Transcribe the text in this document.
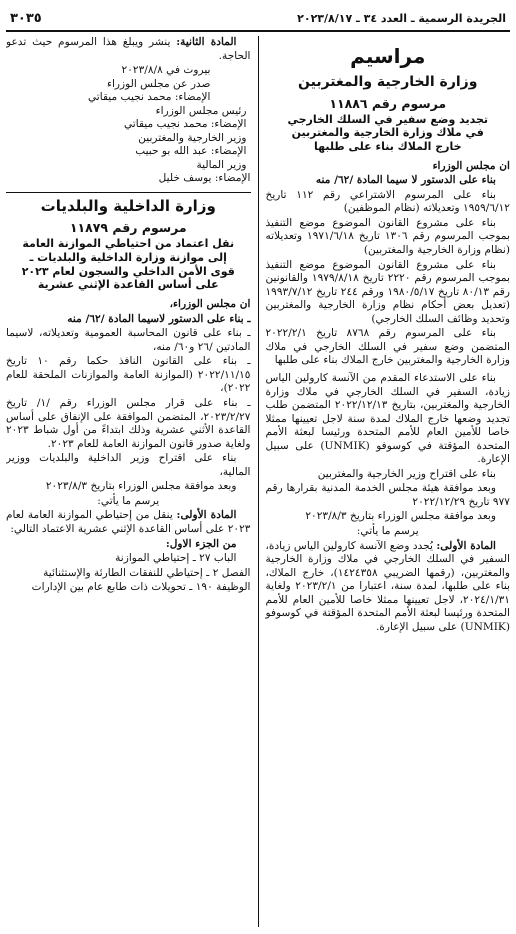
الجريدة الرسمية ـ العدد ٣٤ ـ ٢٠٢٣/٨/١٧
٣٠٣٥
مراسيم
وزارة الخارجية والمغتربين
مرسوم رقم ١١٨٨٦

تجديد وضع سفير في السلك الخارجي

في ملاك وزارة الخارجية والمغتربين

خارج الملاك بناء على طلبها

ان مجلس الوزراء

بناء على الدستور لا سيما المادة /٦٢/ منه

بناء على المرسوم الاشتراعي رقم ١١٢ تاريخ ١٩٥٩/٦/١٢ وتعديلاته (نظام الموظفين)

بناء على مشروع القانون الموضوع موضع التنفيذ بموجب المرسوم رقم ١٣٠٦ تاريخ ١٩٧١/٦/١٨ وتعديلاته (نظام وزارة الخارجية والمغتربين)

بناء على مشروع القانون الموضوع موضع التنفيذ بموجب المرسوم رقم ٢٢٢٠ تاريخ ١٩٧٩/٨/١٨ والقانونين رقم ٨٠/١٣ تاريخ ١٩٨٠/٥/١٧ ورقم ٢٤٤ تاريخ ١٩٩٣/٧/١٢ (تعديل بعض أحكام نظام وزارة الخارجية والمغتربين وتحديد وظائف السلك الخارجي)

بناء على المرسوم رقم ٨٧٦٨ تاريخ ٢٠٢٢/٢/١ المتضمن وضع سفير في السلك الخارجي في ملاك وزارة الخارجية والمغتربين خارج الملاك بناء على طلبها

بناء على الاستدعاء المقدم من الآنسة كارولين الياس زيادة، السفير في السلك الخارجي في ملاك وزارة الخارجية والمغتربين، بتاريخ ٢٠٢٢/١٢/١٣ المتضمن طلب تجديد وضعها خارج الملاك لمدة سنة لاجل تعيينها ممثلا خاصا للأمين العام للأمم المتحدة ورئيسا لبعثة الأمم المتحدة المؤقتة في كوسوفو (UNMIK) على سبيل الإعارة.

بناء على اقتراح وزير الخارجية والمغتربين

وبعد موافقة هيئة مجلس الخدمة المدنية بقرارها رقم ٩٧٧ تاريخ ٢٠٢٢/١٢/٢٩

وبعد موافقة مجلس الوزراء بتاريخ ٢٠٢٣/٨/٣

يرسم ما يأتي:

المادة الأولى: يُجدد وضع الآنسة كارولين الياس زيادة، السفير في السلك الخارجي في ملاك وزارة الخارجية والمغتربين، (رقمها الضريبي ١٤٢٤٣٥٨)، خارج الملاك، بناء على طلبها، لمدة سنة، اعتبارا من ٢٠٢٣/٢/١ ولغاية ٢٠٢٤/١/٣١، لاجل تعيينها ممثلا خاصا للأمين العام للأمم المتحدة ورئيسا لبعثة الأمم المتحدة المؤقتة في كوسوفو (UNMIK) على سبيل الإعارة.

المادة الثانية: ينشر ويبلغ هذا المرسوم حيث تدعو الحاجة.

بيروت في ٢٠٢٣/٨/٨

صدر عن مجلس الوزراء

الإمضاء: محمد نجيب ميقاتي

رئيس مجلس الوزراء

الإمضاء: محمد نجيب ميقاتي

وزير الخارجية والمغتربين

الإمضاء: عبد الله بو حبيب

وزير المالية

الإمضاء: يوسف خليل

وزارة الداخلية والبلديات
مرسوم رقم ١١٨٧٩

نقل اعتماد من احتياطي الموازنة العامة

إلى موازنة وزارة الداخلية والبلديات ـ

قوى الأمن الداخلي والسجون لعام ٢٠٢٣

على أساس القاعدة الإثني عشرية

ان مجلس الوزراء،

ـ بناء على الدستور لاسيما المادة /٦٢/ منه

ـ بناء على قانون المحاسبة العمومية وتعديلاته، لاسيما المادتين /٢٦ و٦٠/ منه،

ـ بناء على القانون النافذ حكما رقم ١٠ تاريخ ٢٠٢٢/١١/١٥ (الموازنة العامة والموازنات الملحقة للعام ٢٠٢٢)،

ـ بناء على قرار مجلس الوزراء رقم /١/ تاريخ ٢٠٢٣/٢/٢٧، المتضمن الموافقة على الإنفاق على أساس القاعدة الأثني عشرية وذلك ابتداءً من أول شباط ٢٠٢٣ ولغاية صدور قانون الموازنة العامة للعام ٢٠٢٣.

بناء على اقتراح وزير الداخلية والبلديات ووزير المالية،

وبعد موافقة مجلس الوزراء بتاريخ ٢٠٢٣/٨/٣

يرسم ما يأتي:

المادة الأولى: ينقل من إحتياطي الموازنة العامة لعام ٢٠٢٣ على أساس القاعدة الإثني عشرية الاعتماد التالي:

من الجزء الاول:

الباب ٢٧ ـ إحتياطي الموازنة

الفصل ٢ ـ إحتياطي للنفقات الطارئة والإستثنائية

الوظيفة ١٩٠ ـ تحويلات ذات طابع عام بين الإدارات
